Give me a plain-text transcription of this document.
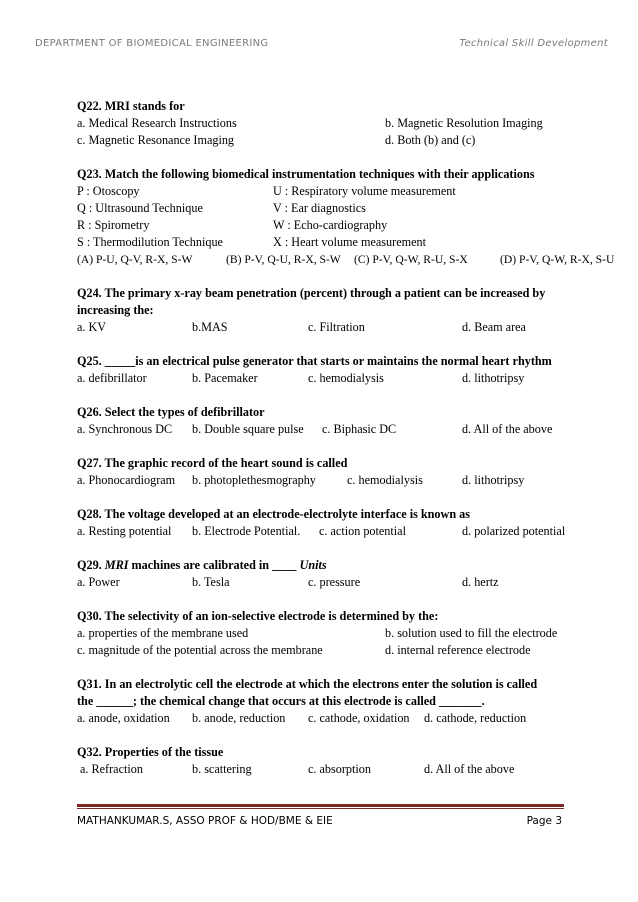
DEPARTMENT OF BIOMEDICAL ENGINEERING	Technical Skill Development
Q22. MRI stands for
a. Medical Research Instructions	b. Magnetic Resolution Imaging
c. Magnetic Resonance Imaging	d. Both (b) and (c)
Q23. Match the following biomedical instrumentation techniques with their applications
P : Otoscopy	U : Respiratory volume measurement
Q : Ultrasound Technique	V : Ear diagnostics
R : Spirometry	W : Echo-cardiography
S : Thermodilution Technique	X : Heart volume measurement
(A) P-U, Q-V, R-X, S-W	(B) P-V, Q-U, R-X, S-W (C) P-V, Q-W, R-U, S-X	(D) P-V, Q-W, R-X, S-U
Q24. The primary x-ray beam penetration (percent) through a patient can be increased by
increasing the:
a. KV	b.MAS	c. Filtration	d. Beam area
Q25. _____is an electrical pulse generator that starts or maintains the normal heart rhythm
a. defibrillator	b. Pacemaker	c. hemodialysis	d. lithotripsy
Q26. Select the types of defibrillator
a. Synchronous DC b. Double square pulse c. Biphasic DC	d. All of the above
Q27. The graphic record of the heart sound is called
a. Phonocardiogram b. photoplethesmography	c. hemodialysis	d. lithotripsy
Q28. The voltage developed at an electrode-electrolyte interface is known as
a. Resting potential b. Electrode Potential. c. action potential	d. polarized potential
Q29. MRI machines are calibrated in ____ Units
a. Power	b. Tesla	c. pressure	d. hertz
Q30. The selectivity of an ion-selective electrode is determined by the:
a. properties of the membrane used	b. solution used to fill the electrode
c. magnitude of the potential across the membrane	d. internal reference electrode
Q31. In an electrolytic cell the electrode at which the electrons enter the solution is called
the ______; the chemical change that occurs at this electrode is called _______.
a. anode, oxidation b. anode, reduction c. cathode, oxidation d. cathode, reduction
Q32. Properties of the tissue
a. Refraction	b. scattering	c. absorption	d. All of the above
MATHANKUMAR.S, ASSO PROF & HOD/BME & EIE	Page 3
